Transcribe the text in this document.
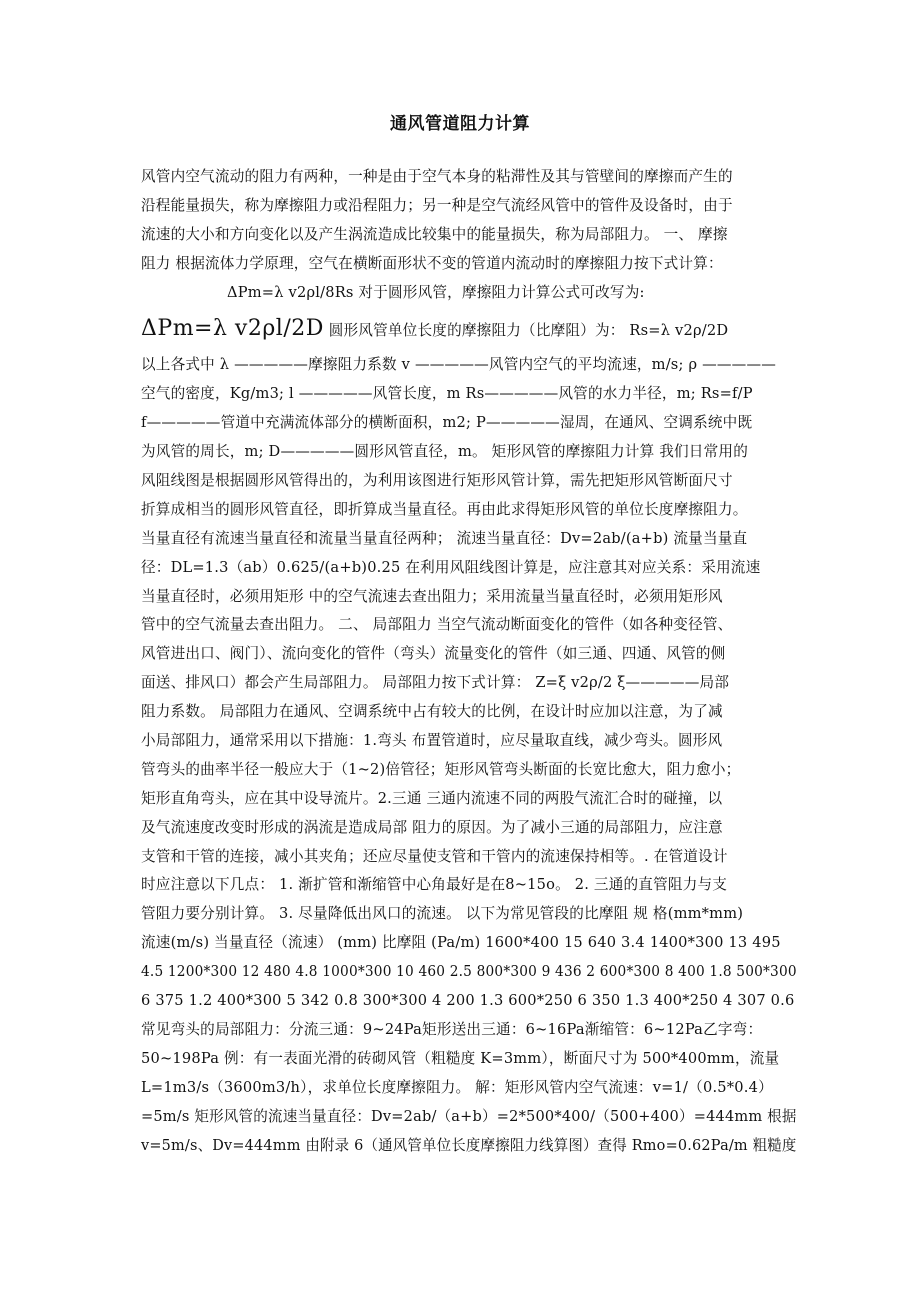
通风管道阻力计算
风管内空气流动的阻力有两种，一种是由于空气本身的粘滞性及其与管壁间的摩擦而产生的
沿程能量损失，称为摩擦阻力或沿程阻力；另一种是空气流经风管中的管件及设备时，由于
流速的大小和方向变化以及产生涡流造成比较集中的能量损失，称为局部阻力。 一、 摩擦
阻力 根据流体力学原理，空气在横断面形状不变的管道内流动时的摩擦阻力按下式计算：
ΔPm=λ v2ρl/8Rs 对于圆形风管，摩擦阻力计算公式可改写为:
ΔPm=λ v2ρl/2D 圆形风管单位长度的摩擦阻力（比摩阻）为： Rs=λ v2ρ/2D
以上各式中 λ —————摩擦阻力系数 v —————风管内空气的平均流速，m/s; ρ —————
空气的密度，Kg/m3; l —————风管长度，m Rs—————风管的水力半径，m; Rs=f/P
f—————管道中充满流体部分的横断面积，m2; P—————湿周，在通风、空调系统中既
为风管的周长，m; D—————圆形风管直径，m。 矩形风管的摩擦阻力计算 我们日常用的
风阻线图是根据圆形风管得出的，为利用该图进行矩形风管计算，需先把矩形风管断面尺寸
折算成相当的圆形风管直径，即折算成当量直径。再由此求得矩形风管的单位长度摩擦阻力。
当量直径有流速当量直径和流量当量直径两种； 流速当量直径：Dv=2ab/(a+b) 流量当量直
径：DL=1.3（ab）0.625/(a+b)0.25 在利用风阻线图计算是，应注意其对应关系：采用流速
当量直径时，必须用矩形 中的空气流速去查出阻力；采用流量当量直径时，必须用矩形风
管中的空气流量去查出阻力。 二、 局部阻力 当空气流动断面变化的管件（如各种变径管、
风管进出口、阀门）、流向变化的管件（弯头）流量变化的管件（如三通、四通、风管的侧
面送、排风口）都会产生局部阻力。 局部阻力按下式计算： Z=ξ v2ρ/2 ξ—————局部
阻力系数。 局部阻力在通风、空调系统中占有较大的比例，在设计时应加以注意，为了减
小局部阻力，通常采用以下措施：1.弯头 布置管道时，应尽量取直线，减少弯头。圆形风
管弯头的曲率半径一般应大于（1~2)倍管径；矩形风管弯头断面的长宽比愈大，阻力愈小；
矩形直角弯头，应在其中设导流片。2.三通 三通内流速不同的两股气流汇合时的碰撞，以
及气流速度改变时形成的涡流是造成局部 阻力的原因。为了减小三通的局部阻力，应注意
支管和干管的连接，减小其夹角；还应尽量使支管和干管内的流速保持相等。. 在管道设计
时应注意以下几点： 1. 渐扩管和渐缩管中心角最好是在8~15o。 2. 三通的直管阻力与支
管阻力要分别计算。 3. 尽量降低出风口的流速。 以下为常见管段的比摩阻 规 格(mm*mm)
流速(m/s) 当量直径（流速） (mm) 比摩阻 (Pa/m) 1600*400 15 640 3.4 1400*300 13 495
4.5 1200*300 12 480 4.8 1000*300 10 460 2.5 800*300 9 436 2 600*300 8 400 1.8 500*300
6 375 1.2 400*300 5 342 0.8 300*300 4 200 1.3 600*250 6 350 1.3 400*250 4 307 0.6
常见弯头的局部阻力：分流三通：9~24Pa矩形送出三通：6~16Pa渐缩管：6~12Pa乙字弯：
50~198Pa 例：有一表面光滑的砖砌风管（粗糙度 K=3mm），断面尺寸为 500*400mm，流量
L=1m3/s（3600m3/h），求单位长度摩擦阻力。 解：矩形风管内空气流速：v=1/（0.5*0.4）
=5m/s 矩形风管的流速当量直径：Dv=2ab/（a+b）=2*500*400/（500+400）=444mm 根据
v=5m/s、Dv=444mm 由附录 6（通风管单位长度摩擦阻力线算图）查得 Rmo=0.62Pa/m 粗糙度
